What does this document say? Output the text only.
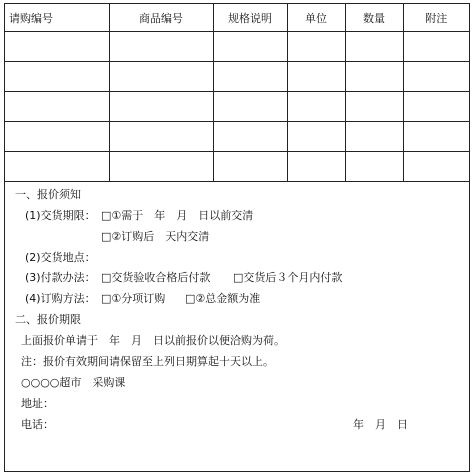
请购编号	商品编号	规格说明	单位	数量	附注

一、报价须知
(1)交货期限： □①需于　年　月　日以前交清
□②订购后　天内交清
(2)交货地点：
(3)付款办法： □交货验收合格后付款 □交货后３个月内付款
(4)订购方法： □①分项订购 □②总金额为准
二、报价期限
上面报价单请于　年　月　日以前报价以便洽购为荷。
注：报价有效期间请保留至上列日期算起十天以上。
○○○○超市　采购课
地址：
电话：	年　月　日
